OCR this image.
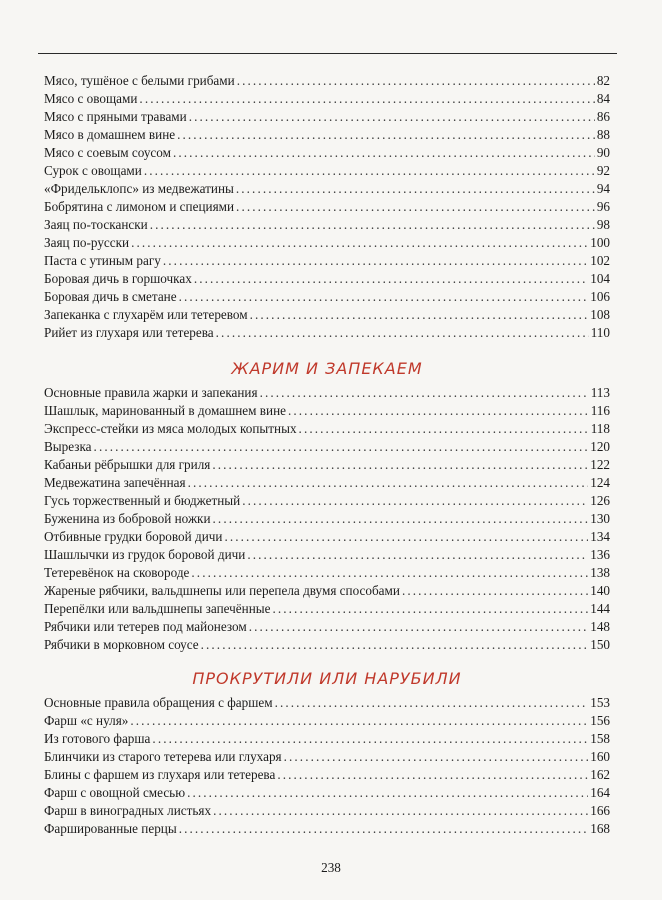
Мясо, тушёное с белыми грибами . . .	82
Мясо с овощами . . .	84
Мясо с пряными травами . . .	86
Мясо в домашнем вине . . .	88
Мясо с соевым соусом . . .	90
Сурок с овощами . . .	92
«Фридельклопс» из медвежатины . . .	94
Бобрятина с лимоном и специями . . .	96
Заяц по-тоскански . . .	98
Заяц по-русски . . .	100
Паста с утиным рагу . . .	102
Боровая дичь в горшочках . . .	104
Боровая дичь в сметане . . .	106
Запеканка с глухарём или тетеревом . . .	108
Рийет из глухаря или тетерева . . .	110
ЖАРИМ И ЗАПЕКАЕМ
Основные правила жарки и запекания . . .	113
Шашлык, маринованный в домашнем вине . . .	116
Экспресс-стейки из мяса молодых копытных . . .	118
Вырезка . . .	120
Кабаньи рёбрышки для гриля . . .	122
Медвежатина запечённая . . .	124
Гусь торжественный и бюджетный . . .	126
Буженина из бобровой ножки . . .	130
Отбивные грудки боровой дичи . . .	134
Шашлычки из грудок боровой дичи . . .	136
Тетеревёнок на сковороде . . .	138
Жареные рябчики, вальдшнепы или перепела двумя способами . . .	140
Перепёлки или вальдшнепы запечённые . . .	144
Рябчики или тетерев под майонезом . . .	148
Рябчики в морковном соусе . . .	150
ПРОКРУТИЛИ ИЛИ НАРУБИЛИ
Основные правила обращения с фаршем . . .	153
Фарш «с нуля» . . .	156
Из готового фарша . . .	158
Блинчики из старого тетерева или глухаря . . .	160
Блины с фаршем из глухаря или тетерева . . .	162
Фарш с овощной смесью . . .	164
Фарш в виноградных листьях . . .	166
Фаршированные перцы . . .	168
238
